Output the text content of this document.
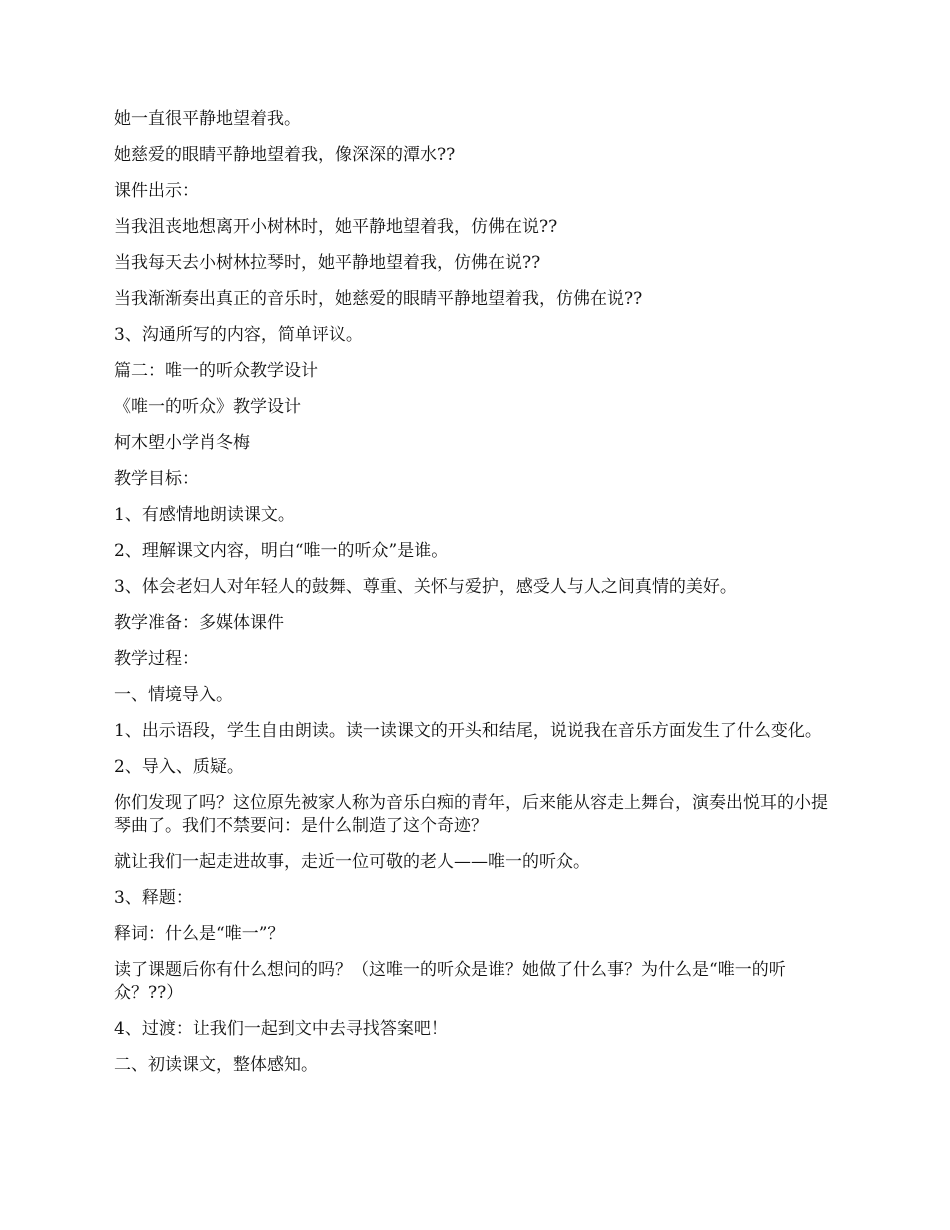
她一直很平静地望着我。

她慈爱的眼睛平静地望着我，像深深的潭水??

课件出示：

当我沮丧地想离开小树林时，她平静地望着我，仿佛在说??

当我每天去小树林拉琴时，她平静地望着我，仿佛在说??

当我渐渐奏出真正的音乐时，她慈爱的眼睛平静地望着我，仿佛在说??

3、沟通所写的内容，简单评议。

篇二：唯一的听众教学设计

《唯一的听众》教学设计

柯木塱小学肖冬梅

教学目标：

1、有感情地朗读课文。

2、理解课文内容，明白“唯一的听众”是谁。

3、体会老妇人对年轻人的鼓舞、尊重、关怀与爱护，感受人与人之间真情的美好。

教学准备：多媒体课件

教学过程：

一、情境导入。

1、出示语段，学生自由朗读。读一读课文的开头和结尾，说说我在音乐方面发生了什么变化。

2、导入、质疑。

你们发现了吗？这位原先被家人称为音乐白痴的青年，后来能从容走上舞台，演奏出悦耳的小提琴曲了。我们不禁要问：是什么制造了这个奇迹？

就让我们一起走进故事，走近一位可敬的老人——唯一的听众。

3、释题：

释词：什么是“唯一”？

读了课题后你有什么想问的吗？（这唯一的听众是谁？她做了什么事？为什么是“唯一的听众？??）

4、过渡：让我们一起到文中去寻找答案吧！

二、初读课文，整体感知。
